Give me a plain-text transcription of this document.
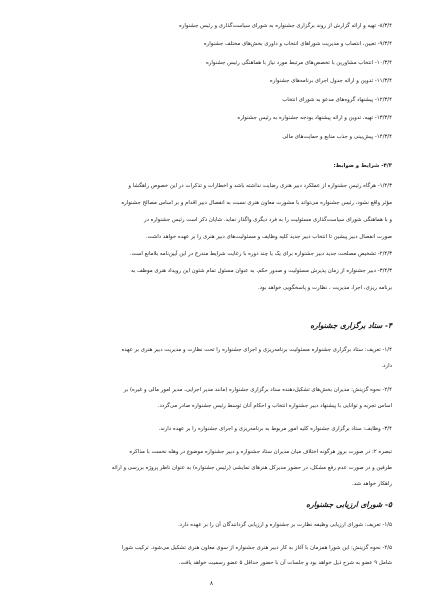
۸/۳/۴- تهیه و ارائه گزارش از روند برگزاری جشنواره به شورای سیاست‌گذاری و رئیس جشنواره
۹/۳/۴- تعیین، انتصاب و مدیریت شوراهای انتخاب و داوری بخش‌های مختلف جشنواره
۱۰/۳/۴- انتخاب مشاورین با تخصص‌های مرتبط مورد نیاز با هماهنگی رئیس جشنواره
۱۱/۳/۴- تدوین و ارائه جدول اجرای برنامه‌های جشنواره
۱۲/۳/۴- پیشنهاد گروه‌های مدعو به شورای انتخاب
۱۳/۳/۴- تهیه، تدوین و ارائه پیشنهاد بودجه جشنواره به رئیس جشنواره
۱۴/۳/۴- پیش‌بینی و جذب منابع و حمایت‌های مالی
۴/۳- شرایط و ضوابط:
۱/۴/۳- هرگاه رئیس جشنواره از عملکرد دبیر هنری رضایت نداشته باشد و اخطارات و تذکرات در این خصوص راهگشا و
مؤثر واقع نشود، رئیس جشنواره می‌تواند با مشورت معاون هنری نسبت به انفصال دبیر اقدام و بر اساس مصالح جشنواره
و با هماهنگی شورای سیاست‌گذاری مسئولیت را به فرد دیگری واگذار نماید. شایان ذکر است رئیس جشنواره در
صورت انفصال دبیر پیشین تا انتخاب دبیر جدید کلیه وظایف و مسئولیت‌های دبیر هنری را بر عهده خواهد داشت.
۲/۴/۳- تشخیص مصلحت جدید دبیر جشنواره برای یک یا چند دوره با رعایت شرایط مندرج در این آیین‌نامه بلامانع است.
۳/۴/۳- دبیر جشنواره از زمان پذیرش مسئولیت و صدور حکم، به عنوان مسئول تمام شئون این رویداد هنری موظف به
برنامه ریزی، اجرا، مدیریت ، نظارت و پاسخگویی خواهد بود.
۴- ستاد برگزاری جشنواره
۱/۴- تعریف: ستاد برگزاری جشنواره مسئولیت برنامه‌ریزی و اجرای جشنواره را تحت نظارت و مدیریت دبیر هنری بر عهده
دارد.
۲/۴- نحوه گزینش: مدیران بخش‌های تشکیل‌دهنده ستاد برگزاری جشنواره (مانند مدیر اجرایی، مدیر امور مالی و غیره) بر
اساس تجربه و توانایی با پیشنهاد دبیر جشنواره انتخاب و احکام آنان توسط رئیس جشنواره صادر می‌گردد.
۳/۴- وظایف: ستاد برگزاری جشنواره کلیه امور مربوط به برنامه‌ریزی و اجرای جشنواره را بر عهده دارند.
تبصره ۲: در صورت بروز هرگونه اختلاف میان مدیران ستاد جشنواره و دبیر جشنواره موضوع در وهله نخست با مذاکره
طرفین و در صورت عدم رفع مشکل، در حضور مدیرکل هنرهای نمایشی (رئیس جشنواره) به عنوان ناظر پروژه بررسی و ارائه
راهکار خواهد شد.
۵- شورای ارزیابی جشنواره
۱/۵- تعریف: شورای ارزیابی وظیفه نظارت بر جشنواره و ارزیابی گردانندگان آن را بر عهده دارد.
۲/۵- نحوه گزینش: این شورا همزمان با آغاز به کار دبیر هنری جشنواره از سوی معاون هنری تشکیل می‌شود. ترکیب شورا
شامل ۹ عضو به شرح ذیل خواهد بود و جلسات آن با حضور حداقل ۵ عضو رسمیت خواهد یافت.
۸
